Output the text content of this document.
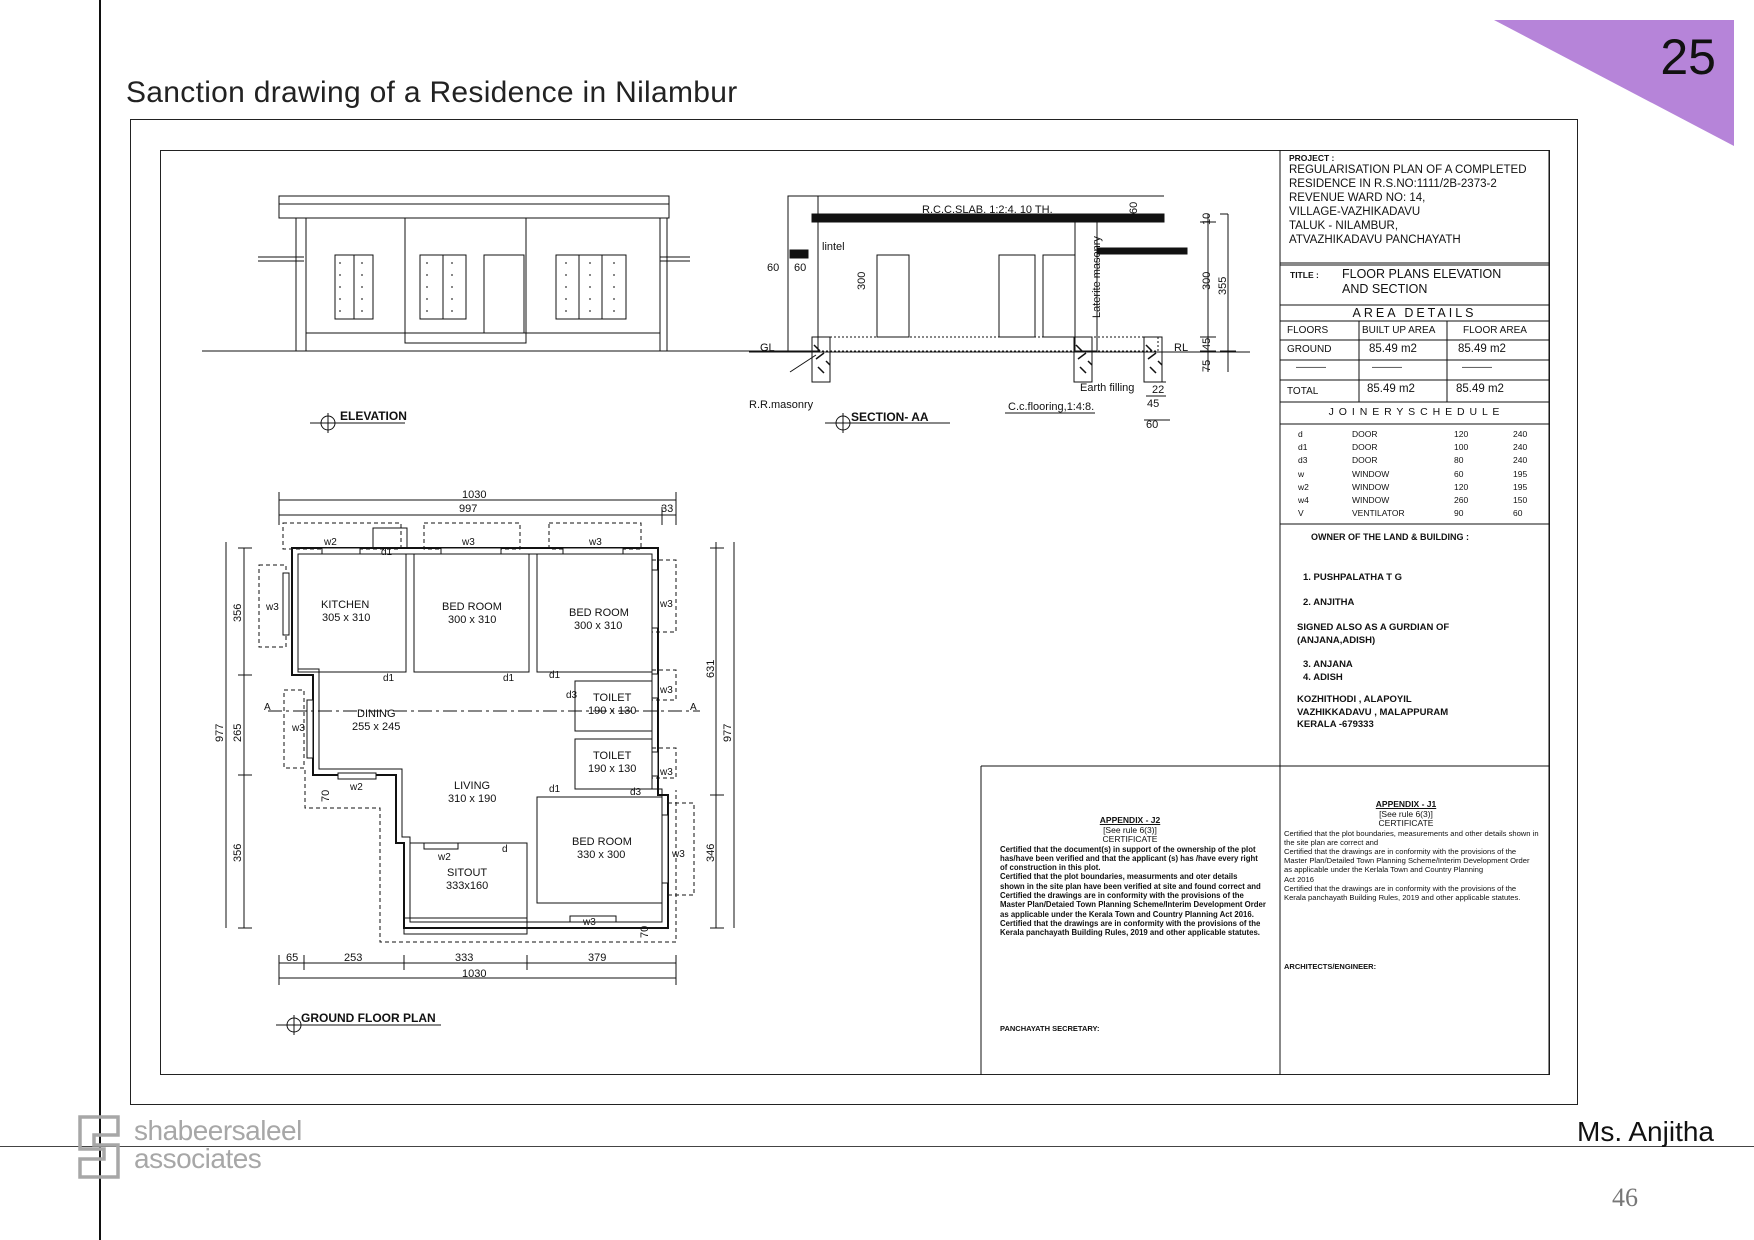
25
Sanction drawing of a Residence in Nilambur
ELEVATION
R.C.C.SLAB. 1:2:4. 10 TH.
lintel	Laterite masonry
GL	RL
R.R.masonry
Earth filling
C.c.flooring,1:4:8.
60 60
300
60
10
300 355
45
75
22
45
60
SECTION- AA
1030
997	33
KITCHEN
305 x 310
BED ROOM
300 x 310
BED ROOM
300 x 310
TOILET
190 x 130
TOILET
190 x 130
DINING
255 x 245
LIVING
310 x 190
SITOUT
333x160
BED ROOM
330 x 300
w2	w3	w3
w3	w3
w3
w3
w3
w3
w3
w2
w2
d1
d1	d1	d1
d1
d3
d3
d
A	A
356
265
356
977
70
631
346
977
70
65	253	333	379
1030
GROUND FLOOR PLAN
PROJECT :
REGULARISATION PLAN OF A COMPLETED
RESIDENCE IN R.S.NO:1111/2B-2373-2
REVENUE WARD NO: 14,
VILLAGE-VAZHIKADAVU
TALUK - NILAMBUR,
ATVAZHIKADAVU PANCHAYATH
TITLE : FLOOR PLANS ELEVATION
AND SECTION
AREA DETAILS
FLOORS	BUILT UP AREA	FLOOR AREA
GROUND	85.49 m2	85.49 m2
———	———	———
TOTAL	85.49 m2	85.49 m2
J O I N E R Y S C H E D U L E
d	DOOR	120	240
d1	DOOR	100	240
d3	DOOR	80	240
w	WINDOW	60	195
w2	WINDOW	120	195
w4	WINDOW	260	150
V	VENTILATOR	90	60
OWNER OF THE LAND & BUILDING :
1. PUSHPALATHA T G
2. ANJITHA
SIGNED ALSO AS A GURDIAN OF
(ANJANA,ADISH)
3. ANJANA
4. ADISH
KOZHITHODI , ALAPOYIL
VAZHIKKADAVU , MALAPPURAM
KERALA -679333
APPENDIX - J2
[See rule 6(3)]
CERTIFICATE
Certified that the document(s) in support of the ownership of the plot
has/have been verified and that the applicant (s) has /have every right
of construction in this plot.
Certified that the plot boundaries, measurments and oter details
shown in the site plan have been verified at site and found correct and
Certified the drawings are in conformity with the provisions of the
Master Plan/Detaied Town Planning Scheme/Interim Development Order
as applicable under the Kerala Town and Country Planning Act 2016.
Certified that the drawings are in conformity with the provisions of the
Kerala panchayath Building Rules, 2019 and other applicable statutes.
PANCHAYATH SECRETARY:
APPENDIX - J1
[See rule 6(3)]
CERTIFICATE
Certified that the plot boundaries, measurements and other details shown in
the site plan are correct and
Certified that the drawings are in conformity with the provisions of the
Master Plan/Detailed Town Planning Scheme/Interim Development Order
as applicable under the Kerlala Town and Country Planning
Act 2016
Certified that the drawings are in conformity with the provisions of the
Kerala panchayath Building Rules, 2019 and other applicable statutes.
ARCHITECTS/ENGINEER:
shabeersaleel
associates
Ms. Anjitha
46
